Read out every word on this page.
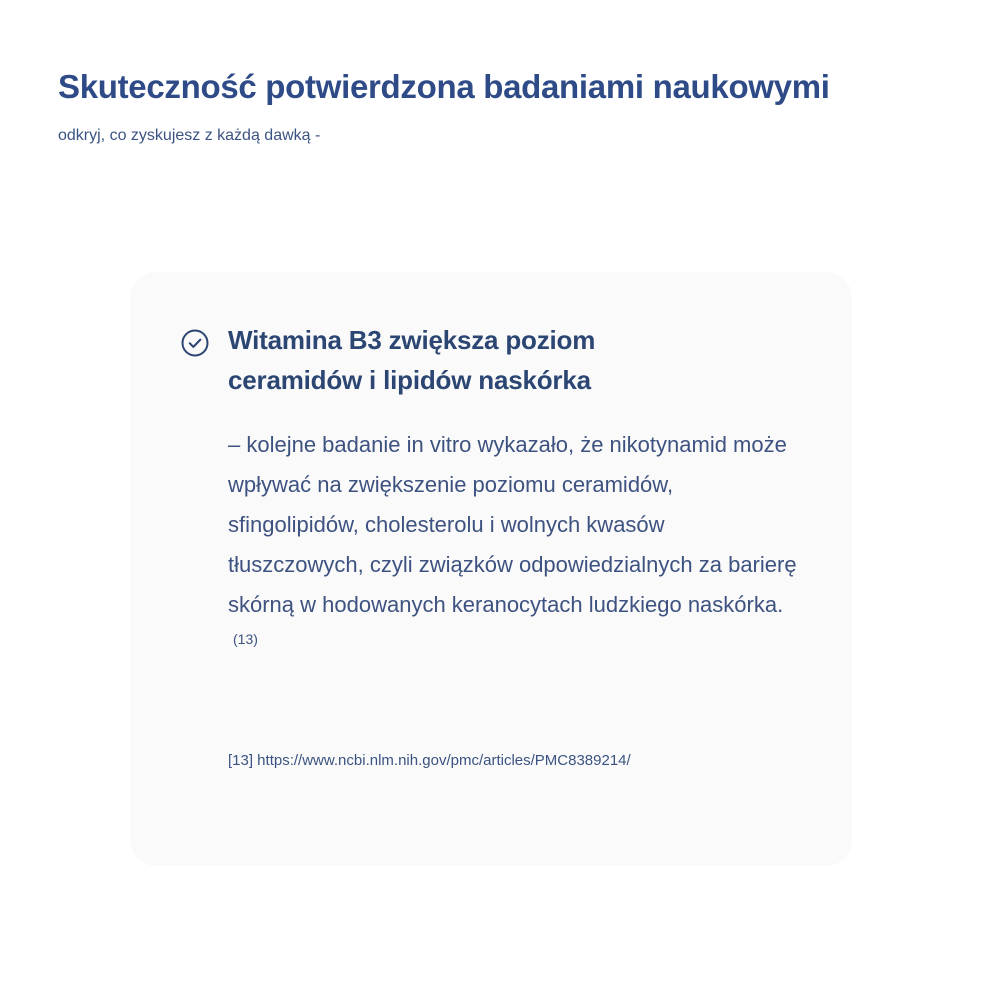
Skuteczność potwierdzona badaniami naukowymi

odkryj, co zyskujesz z każdą dawką -

Witamina B3 zwiększa poziom ceramidów i lipidów naskórka

– kolejne badanie in vitro wykazało, że nikotynamid może wpływać na zwiększenie poziomu ceramidów, sfingolipidów, cholesterolu i wolnych kwasów tłuszczowych, czyli związków odpowiedzialnych za barierę skórną w hodowanych keranocytach ludzkiego naskórka.$^{(13)}$

[13] https://www.ncbi.nlm.nih.gov/pmc/articles/PMC8389214/
